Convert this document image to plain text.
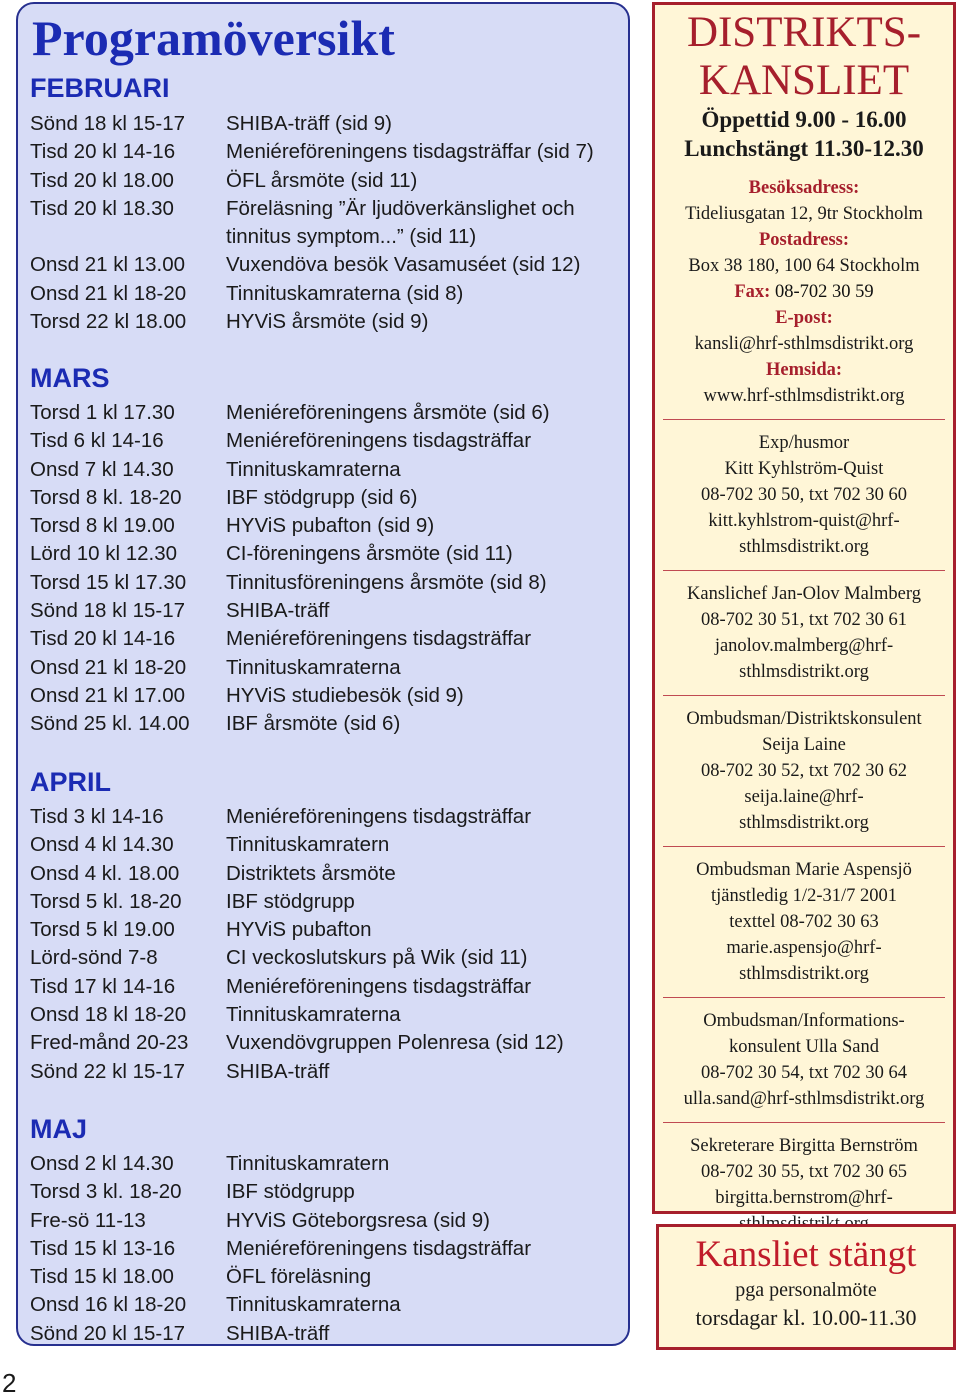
Programöversikt
FEBRUARI
Sönd 18 kl 15-17	SHIBA-träff (sid 9)
Tisd 20 kl 14-16	Meniéreföreningens tisdagsträffar (sid 7)
Tisd 20 kl 18.00	ÖFL årsmöte (sid 11)
Tisd 20 kl 18.30	Föreläsning ”Är ljudöverkänslighet och tinnitus symptom...” (sid 11)
Onsd 21 kl 13.00	Vuxendöva besök Vasamuséet (sid 12)
Onsd 21 kl 18-20	Tinnituskamraterna (sid 8)
Torsd 22 kl 18.00	HYViS årsmöte (sid 9)
MARS
Torsd 1 kl 17.30	Meniéreföreningens årsmöte (sid 6)
Tisd 6 kl 14-16	Meniéreföreningens tisdagsträffar
Onsd 7 kl 14.30	Tinnituskamraterna
Torsd 8 kl. 18-20	IBF stödgrupp (sid 6)
Torsd 8 kl 19.00	HYViS pubafton (sid 9)
Lörd 10 kl 12.30	CI-föreningens årsmöte (sid 11)
Torsd 15 kl 17.30	Tinnitusföreningens årsmöte (sid 8)
Sönd 18 kl 15-17	SHIBA-träff
Tisd 20 kl 14-16	Meniéreföreningens tisdagsträffar
Onsd 21 kl 18-20	Tinnituskamraterna
Onsd 21 kl 17.00	HYViS studiebesök (sid 9)
Sönd 25 kl. 14.00	IBF årsmöte (sid 6)
APRIL
Tisd 3 kl 14-16	Meniéreföreningens tisdagsträffar
Onsd 4 kl 14.30	Tinnituskamratern
Onsd 4 kl. 18.00	Distriktets årsmöte
Torsd 5 kl. 18-20	IBF stödgrupp
Torsd 5 kl 19.00	HYViS pubafton
Lörd-sönd 7-8	CI veckoslutskurs på Wik (sid 11)
Tisd 17 kl 14-16	Meniéreföreningens tisdagsträffar
Onsd 18 kl 18-20	Tinnituskamraterna
Fred-månd 20-23	Vuxendövgruppen Polenresa (sid 12)
Sönd 22 kl 15-17	SHIBA-träff
MAJ
Onsd 2 kl 14.30	Tinnituskamratern
Torsd 3 kl. 18-20	IBF stödgrupp
Fre-sö 11-13	HYViS Göteborgsresa (sid 9)
Tisd 15 kl 13-16	Meniéreföreningens tisdagsträffar
Tisd 15 kl 18.00	ÖFL föreläsning
Onsd 16 kl 18-20	Tinnituskamraterna
Sönd 20 kl 15-17	SHIBA-träff
DISTRIKTS-
KANSLIET
Öppettid 9.00 - 16.00
Lunchstängt 11.30-12.30
Besöksadress:
Tideliusgatan 12, 9tr Stockholm
Postadress:
Box 38 180, 100 64 Stockholm
Fax: 08-702 30 59
E-post:
kansli@hrf-sthlmsdistrikt.org
Hemsida:
www.hrf-sthlmsdistrikt.org
Exp/husmor
Kitt Kyhlström-Quist
08-702 30 50, txt 702 30 60
kitt.kyhlstrom-quist@hrf-
sthlmsdistrikt.org
Kanslichef Jan-Olov Malmberg
08-702 30 51, txt 702 30 61
janolov.malmberg@hrf-
sthlmsdistrikt.org
Ombudsman/Distriktskonsulent
Seija Laine
08-702 30 52, txt 702 30 62
seija.laine@hrf-
sthlmsdistrikt.org
Ombudsman Marie Aspensjö
tjänstledig 1/2-31/7 2001
texttel 08-702 30 63
marie.aspensjo@hrf-
sthlmsdistrikt.org
Ombudsman/Informations-
konsulent Ulla Sand
08-702 30 54, txt 702 30 64
ulla.sand@hrf-sthlmsdistrikt.org
Sekreterare Birgitta Bernström
08-702 30 55, txt 702 30 65
birgitta.bernstrom@hrf-
Kansliet stängt
pga personalmöte
torsdagar kl. 10.00-11.30
2
